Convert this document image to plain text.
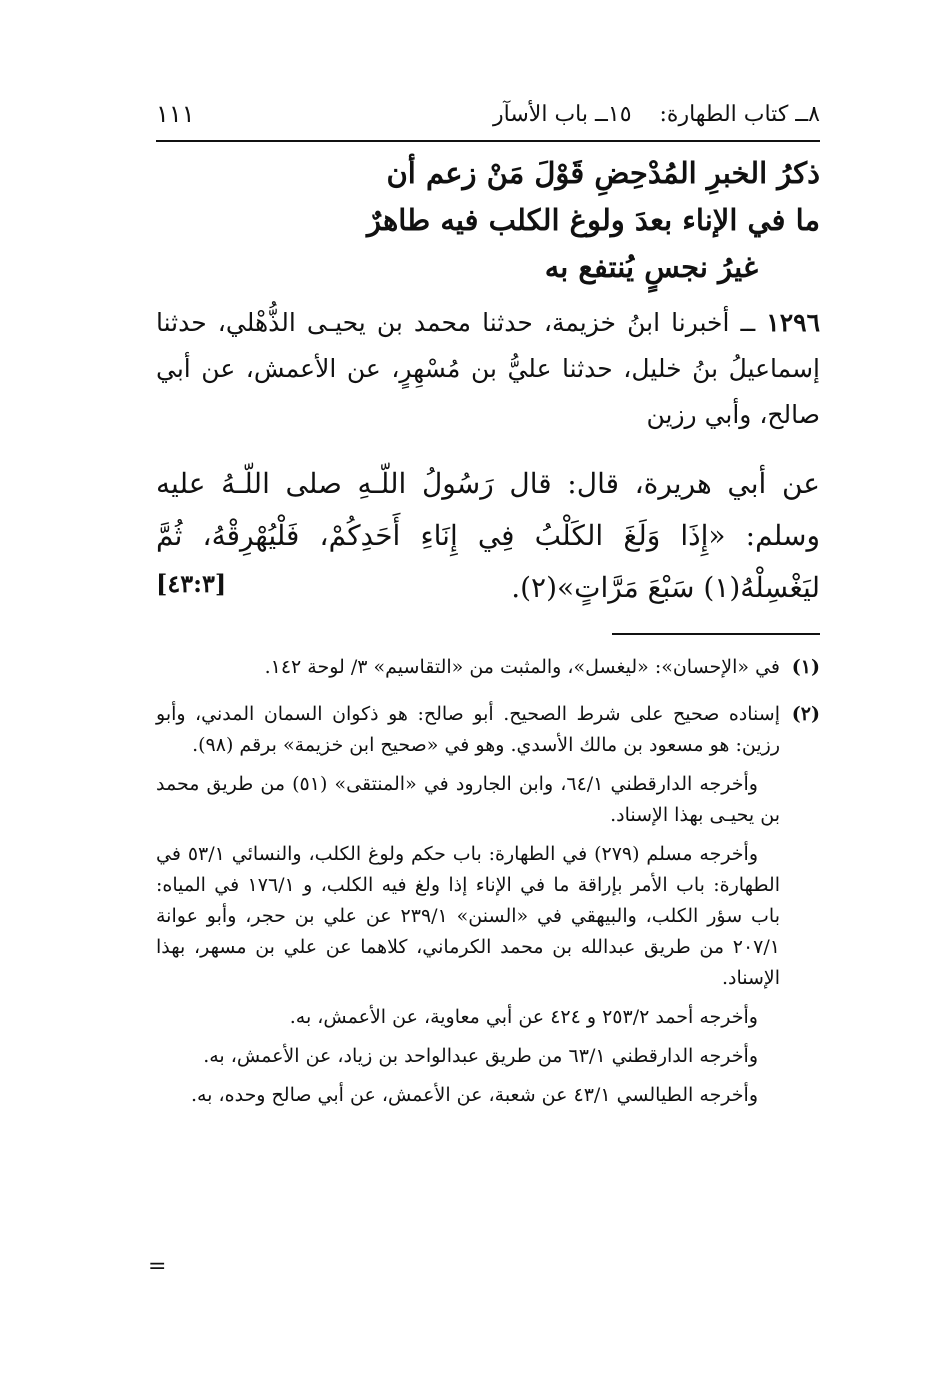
٨ــ كتاب الطهارة:    ١٥ــ باب الأسآر
١١١
ذكرُ الخبرِ المُدْحِضِ قَوْلَ مَنْ زعم أن
ما في الإناء بعدَ ولوغ الكلب فيه طاهرٌ
غيرُ نجسٍ يُنتفع به
١٢٩٦ ــ أخبرنا ابنُ خزيمة، حدثنا محمد بن يحيـى الذُّهْلي، حدثنا إسماعيلُ بنُ خليل، حدثنا عليُّ بن مُسْهِرٍ، عن الأعمش، عن أبي صالح، وأبي رزين
عن أبي هريرة، قال: قال رَسُولُ اللّـهِ صلى اللّـهُ عليه وسلم: «إِذَا وَلَغَ الكَلْبُ فِي إِنَاءِ أَحَدِكُمْ، فَلْيُهْرِقْهُ، ثُمَّ ليَغْسِلْهُ(١) سَبْعَ مَرَّاتٍ»(٢).
[٤٣:٣]
(١)

في «الإحسان»: «ليغسل»، والمثبت من «التقاسيم» ٣/ لوحة ١٤٢.

(٢)

إسناده صحيح على شرط الصحيح. أبو صالح: هو ذكوان السمان المدني، وأبو رزين: هو مسعود بن مالك الأسدي. وهو في «صحيح ابن خزيمة» برقم (٩٨).

وأخرجه الدارقطني ٦٤/١، وابن الجارود في «المنتقى» (٥١) من طريق محمد بن يحيـى بهذا الإسناد.

وأخرجه مسلم (٢٧٩) في الطهارة: باب حكم ولوغ الكلب، والنسائي ٥٣/١ في الطهارة: باب الأمر بإراقة ما في الإناء إذا ولغ فيه الكلب، و ١٧٦/١ في المياه: باب سؤر الكلب، والبيهقي في «السنن» ٢٣٩/١ عن علي بن حجر، وأبو عوانة ٢٠٧/١ من طريق عبدالله بن محمد الكرماني، كلاهما عن علي بن مسهر، بهذا الإسناد.

وأخرجه أحمد ٢٥٣/٢ و ٤٢٤ عن أبي معاوية، عن الأعمش، به.

وأخرجه الدارقطني ٦٣/١ من طريق عبدالواحد بن زياد، عن الأعمش، به.

وأخرجه الطيالسي ٤٣/١ عن شعبة، عن الأعمش، عن أبي صالح وحده، به.

=
